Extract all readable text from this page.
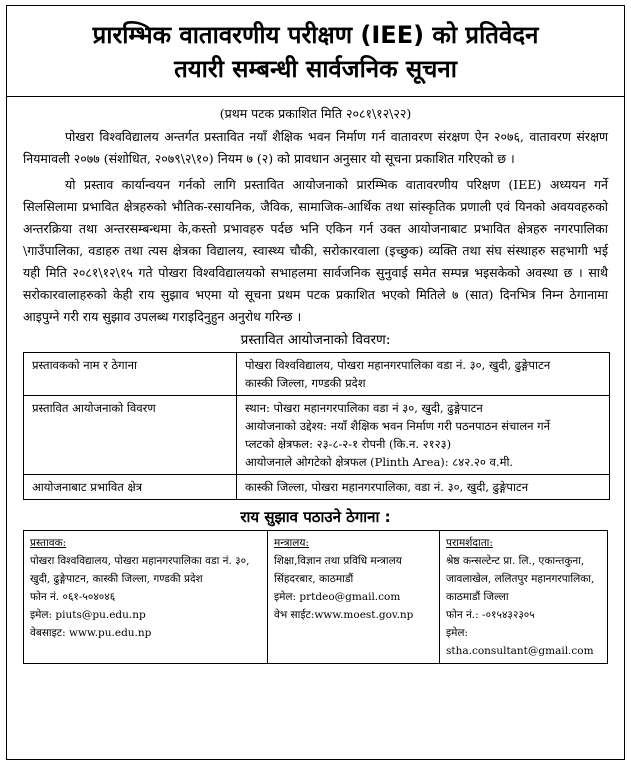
प्रारम्भिक वातावरणीय परीक्षण (IEE) को प्रतिवेदन
तयारी सम्बन्धी सार्वजनिक सूचना
(प्रथम पटक प्रकाशित मिति २०८१\१२\२२)
पोखरा विश्वविद्यालय अन्तर्गत प्रस्तावित नयाँ शैक्षिक भवन निर्माण गर्न वातावरण संरक्षण ऐन २०७६, वातावरण संरक्षण नियमावली २०७७ (संशोधित, २०७९\२\१०) नियम ७ (२) को प्रावधान अनुसार यो सूचना प्रकाशित गरिएको छ ।
यो प्रस्ताव कार्यान्वयन गर्नको लागि प्रस्तावित आयोजनाको प्रारम्भिक वातावरणीय परिक्षण (IEE) अध्ययन गर्ने सिलसिलामा प्रभावित क्षेत्रहरुको भौतिक-रसायनिक, जैविक, सामाजिक-आर्थिक तथा सांस्कृतिक प्रणाली एवं यिनको अवयवहरुको अन्तरक्रिया तथा अन्तरसम्बन्धमा के,कस्तो प्रभावहरु पर्दछ भनि एकिन गर्न उक्त आयोजनाबाट प्रभावित क्षेत्रहरु नगरपालिका \गाउँपालिका, वडाहरु तथा त्यस क्षेत्रका विद्यालय, स्वास्थ्य चौकी, सरोकारवाला (इच्छुक) व्यक्ति तथा संघ संस्थाहरु सहभागी भई यही मिति २०८१\१२\१५ गते पोखरा विश्वविद्यालयको सभाहलमा सार्वजनिक सुनुवाई समेत सम्पन्न भइसकेको अवस्था छ । साथै सरोकारवालाहरुको केही राय सुझाव भएमा यो सूचना प्रथम पटक प्रकाशित भएको मितिले ७ (सात) दिनभित्र निम्न ठेगानामा आइपुग्ने गरी राय सुझाव उपलब्ध गराइदिनुहुन अनुरोध गरिन्छ ।
प्रस्तावित आयोजनाको विवरण:
प्रस्तावकको नाम र ठेगाना	पोखरा विश्वविद्यालय, पोखरा महानगरपालिका वडा नं. ३०, खुदी, ढुङ्गेपाटन
कास्की जिल्ला, गण्डकी प्रदेश

प्रस्तावित आयोजनाको विवरण	स्थान: पोखरा महानगरपालिका वडा नं ३०, खुदी, ढुङ्गेपाटन
आयोजनाको उद्देश्य: नयाँ शैक्षिक भवन निर्माण गरी पठनपाठन संचालन गर्ने
प्लटको क्षेत्रफल: २३-८-२-१ रोपनी (कि.न. २१२३)
आयोजनाले ओगटेको क्षेत्रफल (Plinth Area): ८४२.२० व.मी.

आयोजनाबाट प्रभावित क्षेत्र	कास्की जिल्ला, पोखरा महानगरपालिका, वडा नं. ३०, खुदी, ढुङ्गेपाटन
राय सुझाव पठाउने ठेगाना :
प्रस्तावक:
पोखरा विश्वविद्यालय, पोखरा महानगरपालिका वडा नं. ३०,
खुदी, ढुङ्गेपाटन, कास्की जिल्ला, गण्डकी प्रदेश
फोन नं. ०६१-५०४०४६
इमेल: piuts@pu.edu.np
वेबसाइट: www.pu.edu.np
मन्त्रालय:
शिक्षा,विज्ञान तथा प्रविधि मन्त्रालय
सिंहदरबार, काठमाडौं
इमेल: prtdeo@gmail.com
वेभ साईट:www.moest.gov.np
परामर्शदाता:
श्रेष्ठ कन्सल्टेन्ट प्रा. लि., एकान्तकुना,
जावलाखेल, ललितपुर महानगरपालिका,
काठमाडौं जिल्ला
फोन नं.: -०१५४३२३०५
इमेल: stha.consultant@gmail.com
